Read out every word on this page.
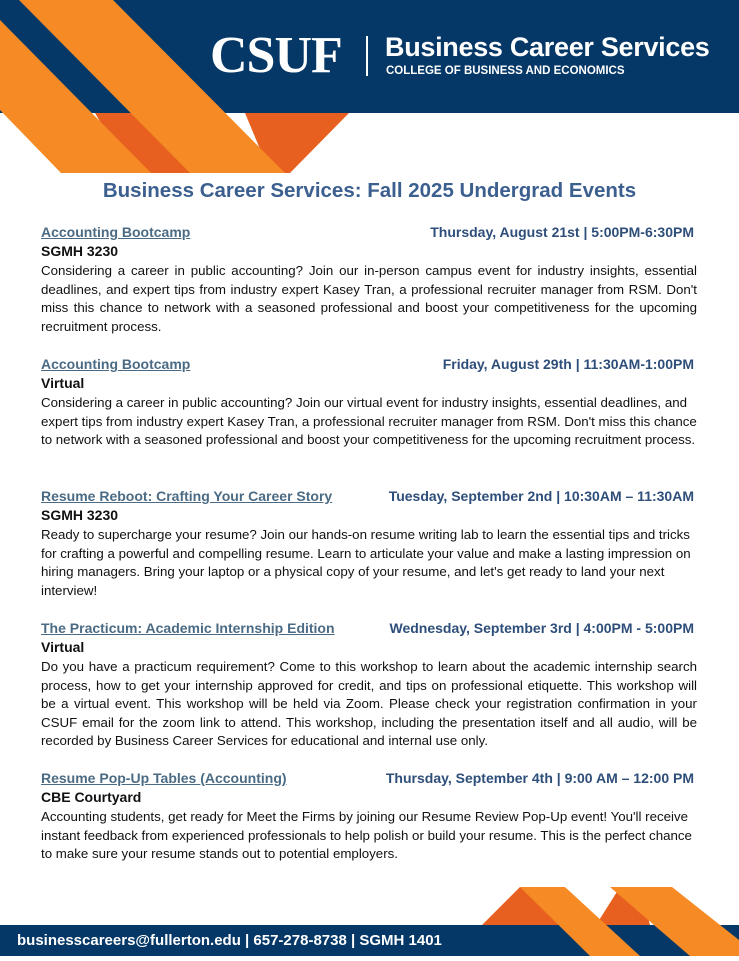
CSUF Business Career Services
COLLEGE OF BUSINESS AND ECONOMICS
Business Career Services: Fall 2025 Undergrad Events
Accounting Bootcamp	Thursday, August 21st | 5:00PM-6:30PM
SGMH 3230
Considering a career in public accounting? Join our in-person campus event for industry insights, essential deadlines, and expert tips from industry expert Kasey Tran, a professional recruiter manager from RSM. Don't miss this chance to network with a seasoned professional and boost your competitiveness for the upcoming recruitment process.
Accounting Bootcamp	Friday, August 29th | 11:30AM-1:00PM
Virtual
Considering a career in public accounting? Join our virtual event for industry insights, essential deadlines, and expert tips from industry expert Kasey Tran, a professional recruiter manager from RSM. Don't miss this chance to network with a seasoned professional and boost your competitiveness for the upcoming recruitment process.
Resume Reboot: Crafting Your Career Story	Tuesday, September 2nd | 10:30AM – 11:30AM
SGMH 3230
Ready to supercharge your resume? Join our hands-on resume writing lab to learn the essential tips and tricks for crafting a powerful and compelling resume. Learn to articulate your value and make a lasting impression on hiring managers. Bring your laptop or a physical copy of your resume, and let's get ready to land your next interview!
The Practicum: Academic Internship Edition	Wednesday, September 3rd | 4:00PM - 5:00PM
Virtual
Do you have a practicum requirement? Come to this workshop to learn about the academic internship search process, how to get your internship approved for credit, and tips on professional etiquette. This workshop will be a virtual event. This workshop will be held via Zoom. Please check your registration confirmation in your CSUF email for the zoom link to attend. This workshop, including the presentation itself and all audio, will be recorded by Business Career Services for educational and internal use only.
Resume Pop-Up Tables (Accounting)	Thursday, September 4th | 9:00 AM – 12:00 PM
CBE Courtyard
Accounting students, get ready for Meet the Firms by joining our Resume Review Pop-Up event! You'll receive instant feedback from experienced professionals to help polish or build your resume. This is the perfect chance to make sure your resume stands out to potential employers.
businesscareers@fullerton.edu | 657-278-8738 | SGMH 1401
